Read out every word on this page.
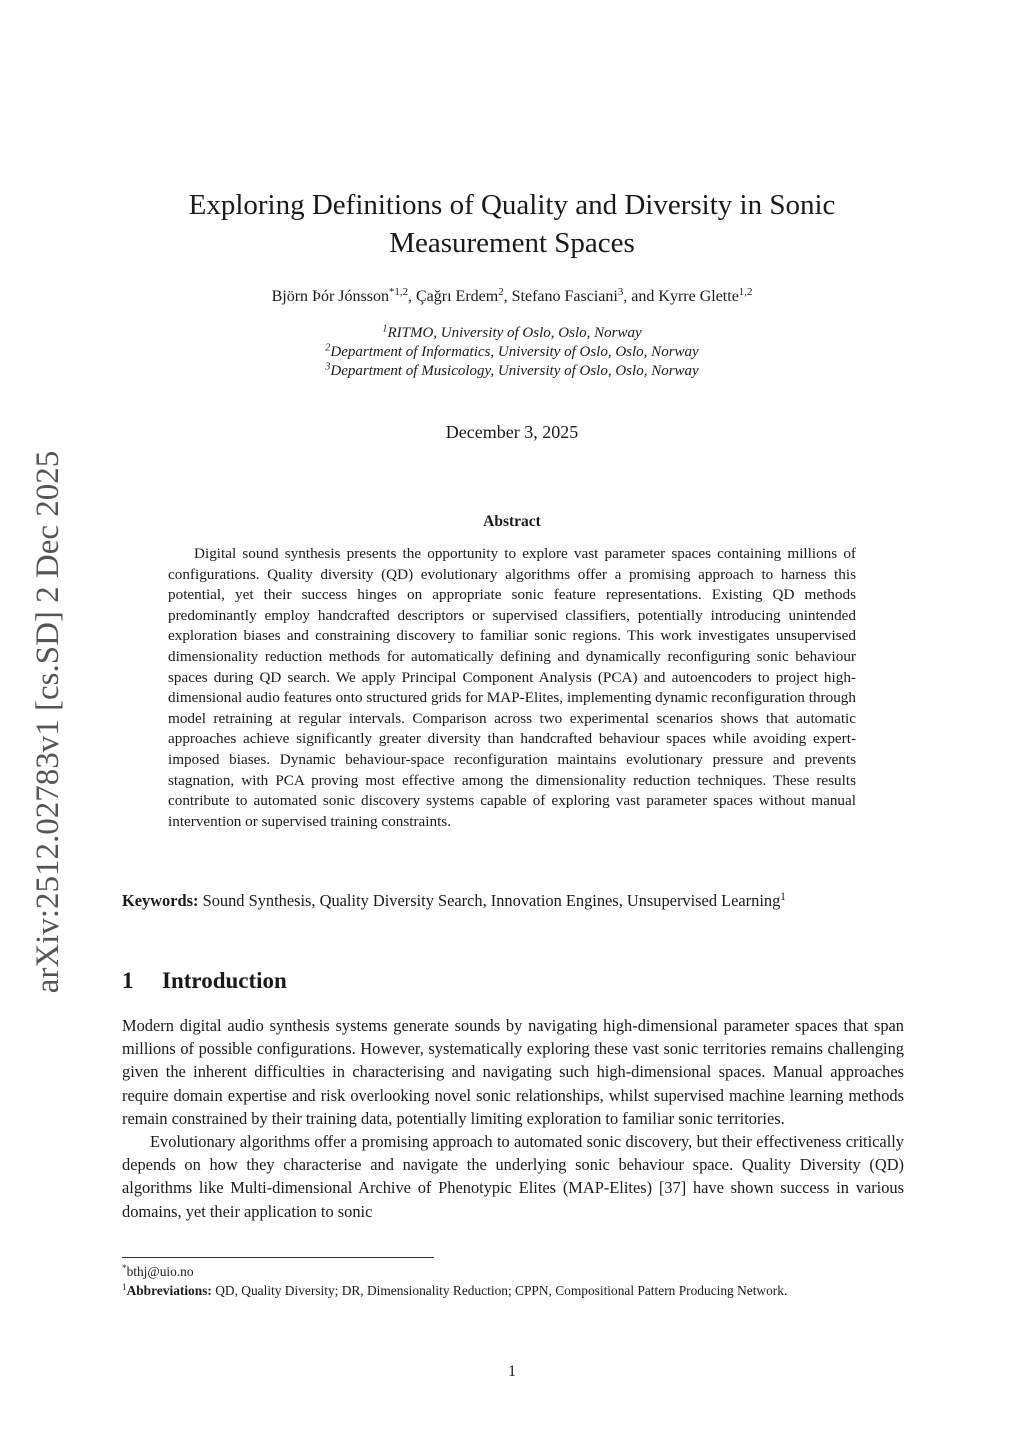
arXiv:2512.02783v1 [cs.SD] 2 Dec 2025
Exploring Definitions of Quality and Diversity in Sonic
Measurement Spaces
Björn Þór Jónsson$^{*1,2}$, Çağrı Erdem$^2$, Stefano Fasciani$^3$, and Kyrre Glette$^{1,2}$
$^1$RITMO, University of Oslo, Oslo, Norway
$^2$Department of Informatics, University of Oslo, Oslo, Norway
$^3$Department of Musicology, University of Oslo, Oslo, Norway
December 3, 2025
Abstract
Digital sound synthesis presents the opportunity to explore vast parameter spaces containing millions of configurations. Quality diversity (QD) evolutionary algorithms offer a promising approach to harness this potential, yet their success hinges on appropriate sonic feature representations. Existing QD methods predominantly employ handcrafted descriptors or supervised classifiers, potentially introducing unintended exploration biases and constraining discovery to familiar sonic regions. This work investigates unsupervised dimensionality reduction methods for automatically defining and dynamically reconfiguring sonic behaviour spaces during QD search. We apply Principal Component Analysis (PCA) and autoencoders to project high-dimensional audio features onto structured grids for MAP-Elites, implementing dynamic reconfiguration through model retraining at regular intervals. Comparison across two experimental scenarios shows that automatic approaches achieve significantly greater diversity than handcrafted behaviour spaces while avoiding expert-imposed biases. Dynamic behaviour-space reconfiguration maintains evolutionary pressure and prevents stagnation, with PCA proving most effective among the dimensionality reduction techniques. These results contribute to automated sonic discovery systems capable of exploring vast parameter spaces without manual intervention or supervised training constraints.
Keywords: Sound Synthesis, Quality Diversity Search, Innovation Engines, Unsupervised Learning$^1$
1 Introduction

Modern digital audio synthesis systems generate sounds by navigating high-dimensional parameter spaces that span millions of possible configurations. However, systematically exploring these vast sonic territories remains challenging given the inherent difficulties in characterising and navigating such high-dimensional spaces. Manual approaches require domain expertise and risk overlooking novel sonic relationships, whilst supervised machine learning methods remain constrained by their training data, potentially limiting exploration to familiar sonic territories.

Evolutionary algorithms offer a promising approach to automated sonic discovery, but their effectiveness critically depends on how they characterise and navigate the underlying sonic behaviour space. Quality Diversity (QD) algorithms like Multi-dimensional Archive of Phenotypic Elites (MAP-Elites) [37] have shown success in various domains, yet their application to sonic

*bthj@uio.no
$^1$Abbreviations: QD, Quality Diversity; DR, Dimensionality Reduction; CPPN, Compositional Pattern Producing Network.
1
